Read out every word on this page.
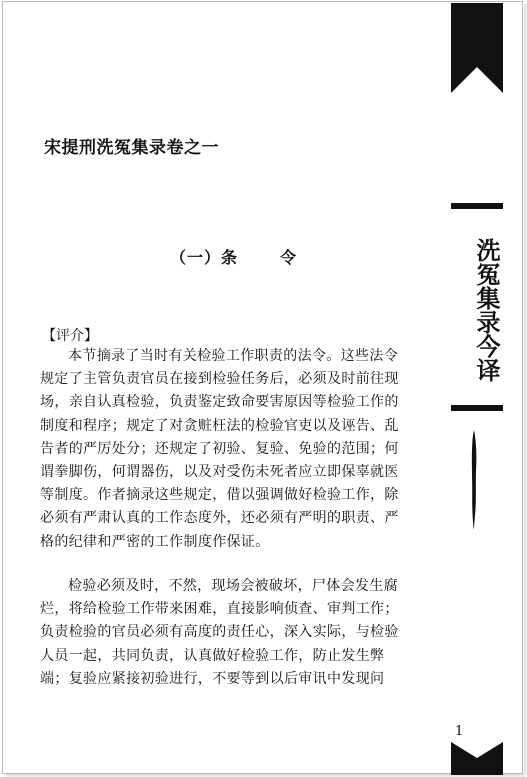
洗冤集录今译
1
宋提刑洗冤集录卷之一
（一）条	令
【评介】
本节摘录了当时有关检验工作职责的法令。这些法令
规定了主管负责官员在接到检验任务后，必须及时前往现
场，亲自认真检验，负责鉴定致命要害原因等检验工作的
制度和程序；规定了对贪赃枉法的检验官吏以及诬告、乱
告者的严厉处分；还规定了初验、复验、免验的范围；何
谓拳脚伤，何谓器伤，以及对受伤未死者应立即保辜就医
等制度。作者摘录这些规定，借以强调做好检验工作，除
必须有严肃认真的工作态度外，还必须有严明的职责、严
格的纪律和严密的工作制度作保证。
检验必须及时，不然，现场会被破坏，尸体会发生腐
烂，将给检验工作带来困难，直接影响侦查、审判工作；
负责检验的官员必须有高度的责任心，深入实际，与检验
人员一起，共同负责，认真做好检验工作，防止发生弊
端；复验应紧接初验进行，不要等到以后审讯中发现问
